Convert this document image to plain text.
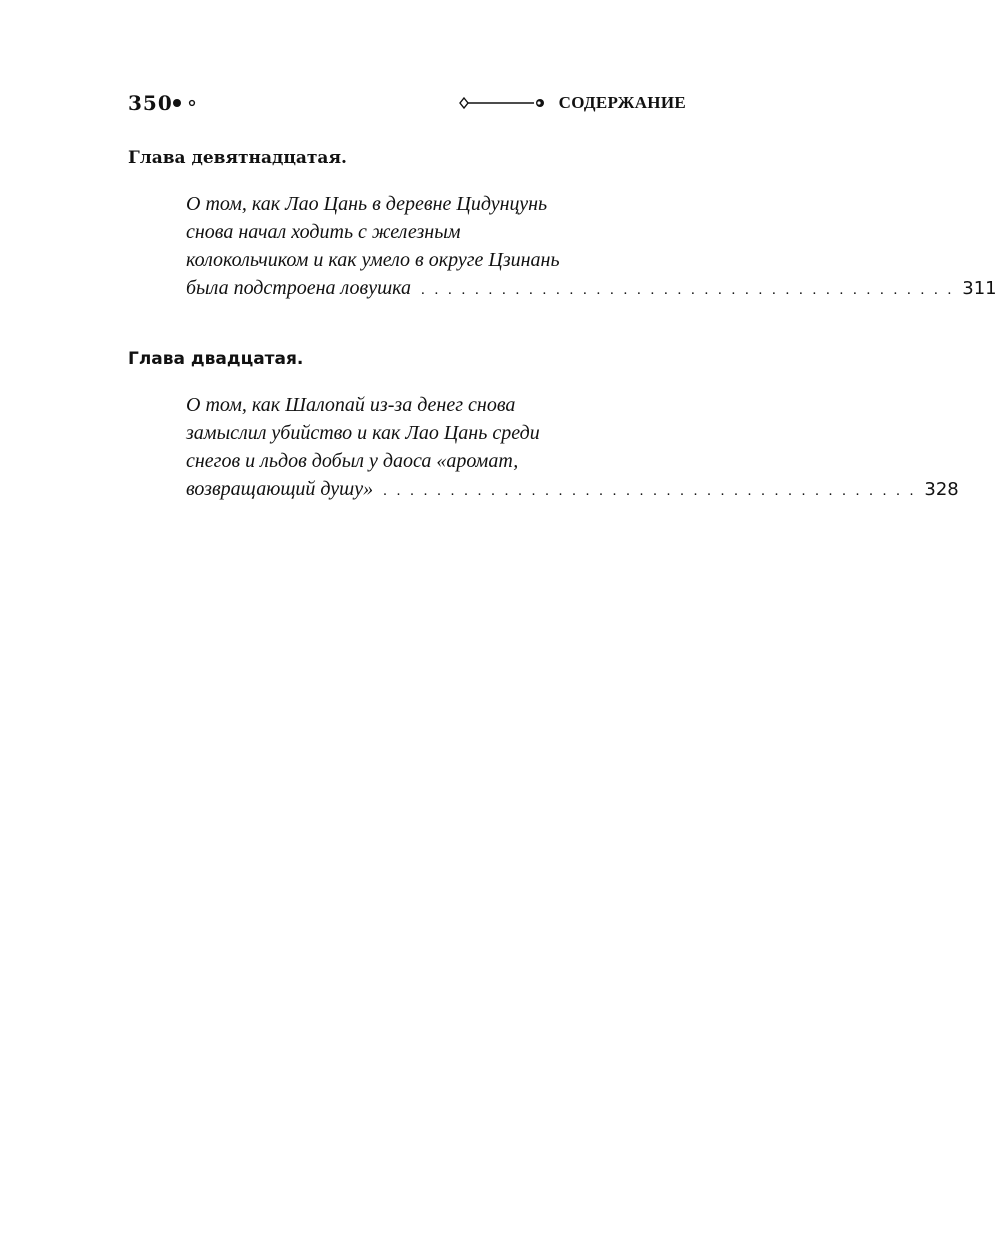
350	СОДЕРЖАНИЕ
Глава девятнадцатая.
О том, как Лао Цань в деревне Цидунцунь
снова начал ходить с железным
колокольчиком и как умело в округе Цзинань
была подстроена ловушка . . . . . . . . . . . . . . . . . . . . . . . . . . . . . . . . . . . . . . . . 311
Глава двадцатая.
О том, как Шалопай из-за денег снова
замыслил убийство и как Лао Цань среди
снегов и льдов добыл у даоса «аромат,
возвращающий душу» . . . . . . . . . . . . . . . . . . . . . . . . . . . . . . . . . . . . . . . . 328
